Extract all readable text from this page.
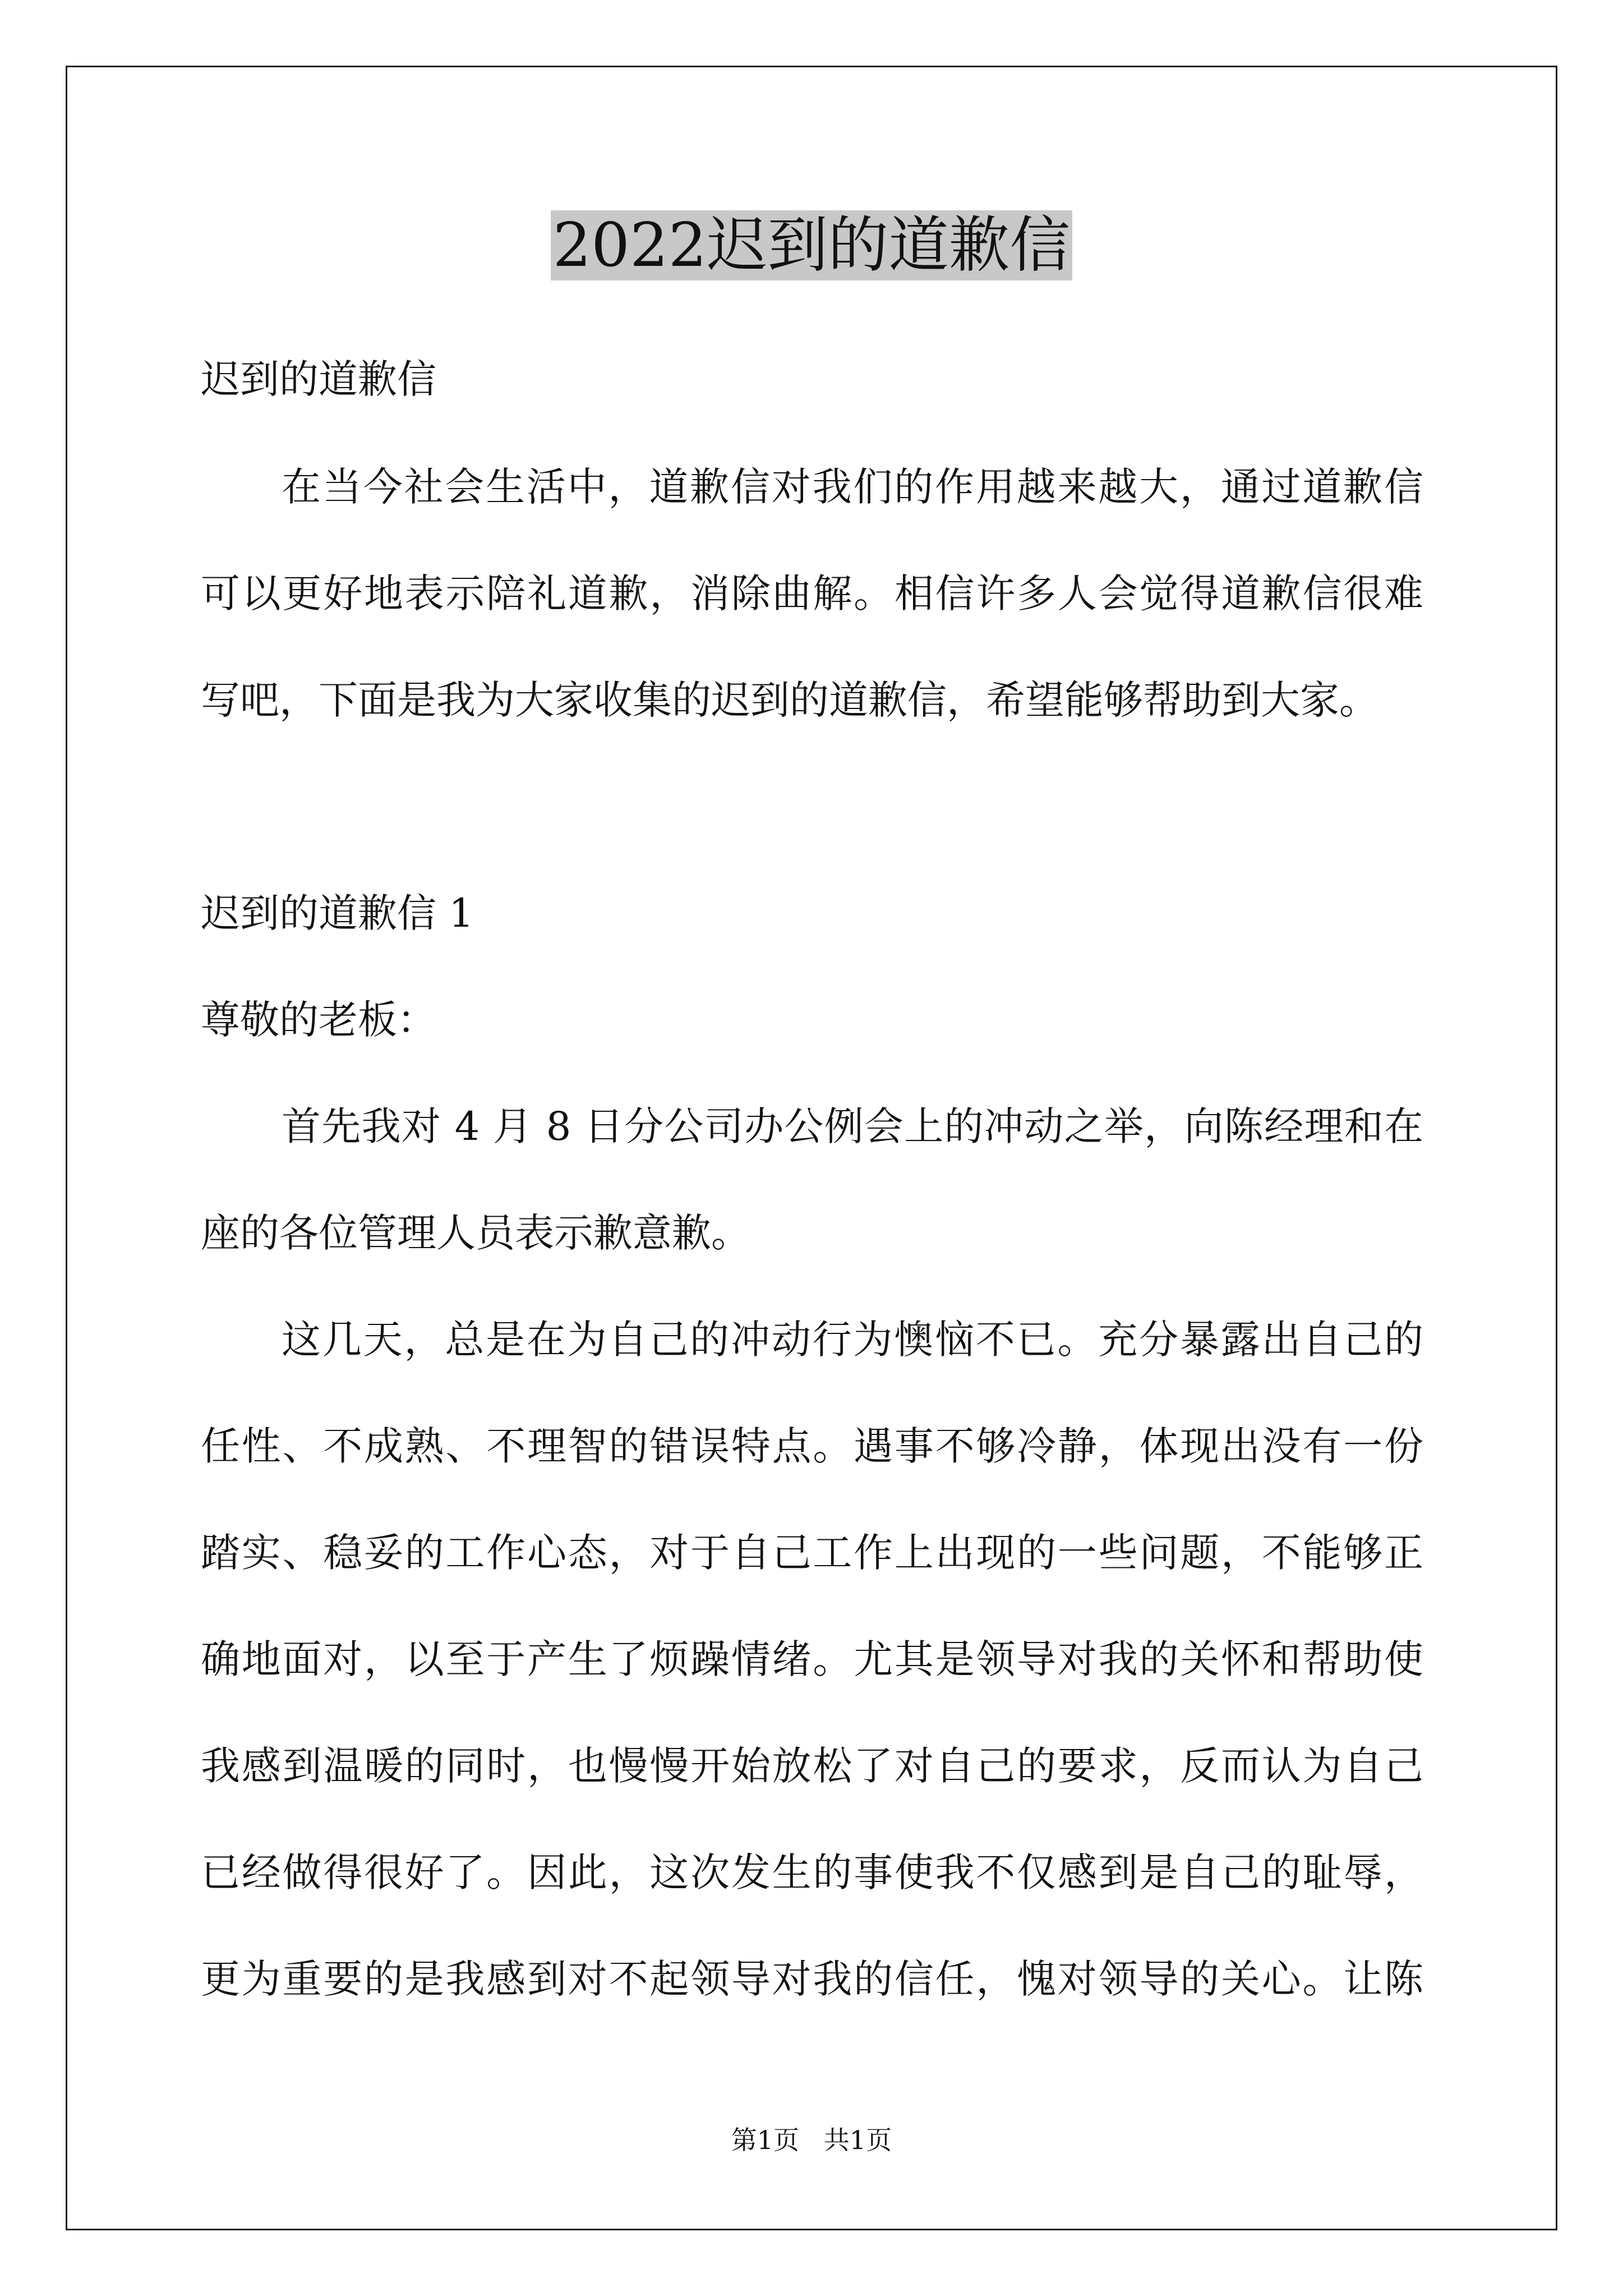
2022迟到的道歉信
迟到的道歉信
在当今社会生活中，道歉信对我们的作用越来越大，通过道歉信
可以更好地表示陪礼道歉，消除曲解。相信许多人会觉得道歉信很难
写吧，下面是我为大家收集的迟到的道歉信，希望能够帮助到大家。
迟到的道歉信 1
尊敬的老板：
首先我对 4 月 8 日分公司办公例会上的冲动之举，向陈经理和在
座的各位管理人员表示歉意歉。
这几天，总是在为自己的冲动行为懊恼不已。充分暴露出自己的
任性、不成熟、不理智的错误特点。遇事不够冷静，体现出没有一份
踏实、稳妥的工作心态，对于自己工作上出现的一些问题，不能够正
确地面对，以至于产生了烦躁情绪。尤其是领导对我的关怀和帮助使
我感到温暖的同时，也慢慢开始放松了对自己的要求，反而认为自己
已经做得很好了。因此，这次发生的事使我不仅感到是自己的耻辱，
更为重要的是我感到对不起领导对我的信任，愧对领导的关心。让陈
第1页   共1页
